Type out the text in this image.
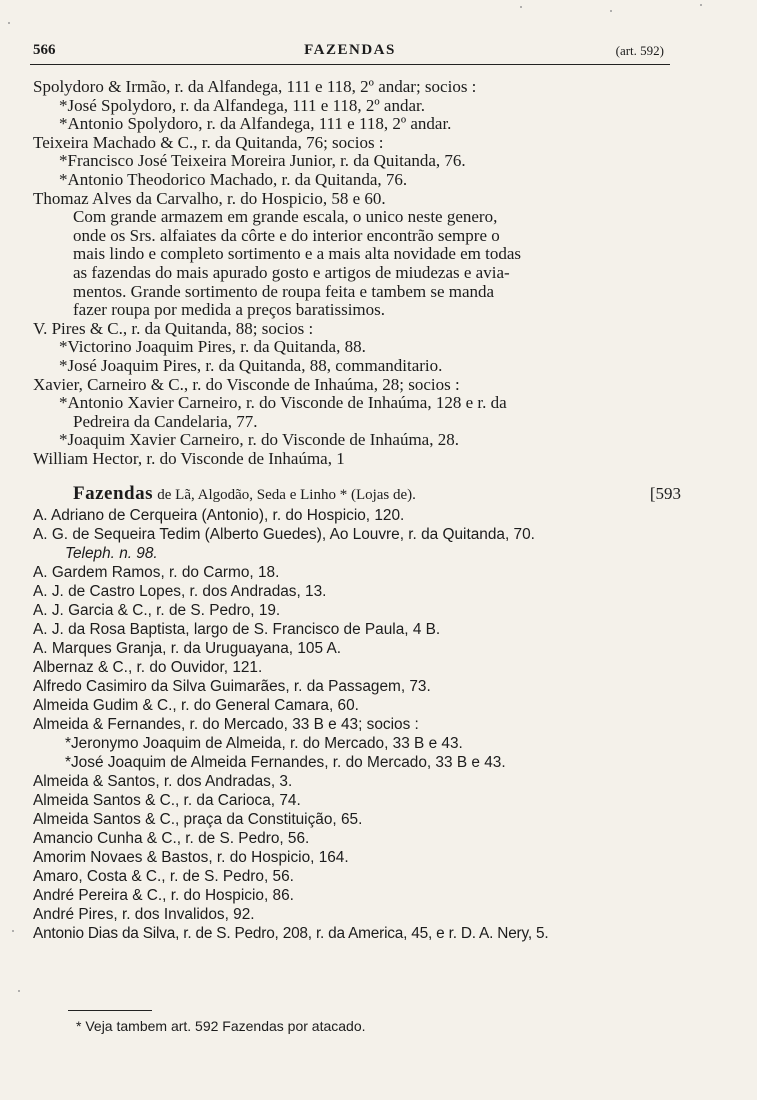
566	FAZENDAS	(art. 592)
Spolydoro & Irmão, r. da Alfandega, 111 e 118, 2º andar; socios :
*José Spolydoro, r. da Alfandega, 111 e 118, 2º andar.
*Antonio Spolydoro, r. da Alfandega, 111 e 118, 2º andar.
Teixeira Machado & C., r. da Quitanda, 76; socios :
*Francisco José Teixeira Moreira Junior, r. da Quitanda, 76.
*Antonio Theodorico Machado, r. da Quitanda, 76.
Thomaz Alves da Carvalho, r. do Hospicio, 58 e 60.
Com grande armazem em grande escala, o unico neste genero,
onde os Srs. alfaiates da côrte e do interior encontrão sempre o
mais lindo e completo sortimento e a mais alta novidade em todas
as fazendas do mais apurado gosto e artigos de miudezas e avia-
mentos. Grande sortimento de roupa feita e tambem se manda
fazer roupa por medida a preços baratissimos.
V. Pires & C., r. da Quitanda, 88; socios :
*Victorino Joaquim Pires, r. da Quitanda, 88.
*José Joaquim Pires, r. da Quitanda, 88, commanditario.
Xavier, Carneiro & C., r. do Visconde de Inhaúma, 28; socios :
*Antonio Xavier Carneiro, r. do Visconde de Inhaúma, 128 e r. da
Pedreira da Candelaria, 77.
*Joaquim Xavier Carneiro, r. do Visconde de Inhaúma, 28.
William Hector, r. do Visconde de Inhaúma, 1
Fazendas de Lã, Algodão, Seda e Linho * (Lojas de).	[593
A. Adriano de Cerqueira (Antonio), r. do Hospicio, 120.
A. G. de Sequeira Tedim (Alberto Guedes), Ao Louvre, r. da Quitanda, 70.
Teleph. n. 98.
A. Gardem Ramos, r. do Carmo, 18.
A. J. de Castro Lopes, r. dos Andradas, 13.
A. J. Garcia & C., r. de S. Pedro, 19.
A. J. da Rosa Baptista, largo de S. Francisco de Paula, 4 B.
A. Marques Granja, r. da Uruguayana, 105 A.
Albernaz & C., r. do Ouvidor, 121.
Alfredo Casimiro da Silva Guimarães, r. da Passagem, 73.
Almeida Gudim & C., r. do General Camara, 60.
Almeida & Fernandes, r. do Mercado, 33 B e 43; socios :
*Jeronymo Joaquim de Almeida, r. do Mercado, 33 B e 43.
*José Joaquim de Almeida Fernandes, r. do Mercado, 33 B e 43.
Almeida & Santos, r. dos Andradas, 3.
Almeida Santos & C., r. da Carioca, 74.
Almeida Santos & C., praça da Constituição, 65.
Amancio Cunha & C., r. de S. Pedro, 56.
Amorim Novaes & Bastos, r. do Hospicio, 164.
Amaro, Costa & C., r. de S. Pedro, 56.
André Pereira & C., r. do Hospicio, 86.
André Pires, r. dos Invalidos, 92.
Antonio Dias da Silva, r. de S. Pedro, 208, r. da America, 45, e r. D. A. Nery, 5.
* Veja tambem art. 592 Fazendas por atacado.
